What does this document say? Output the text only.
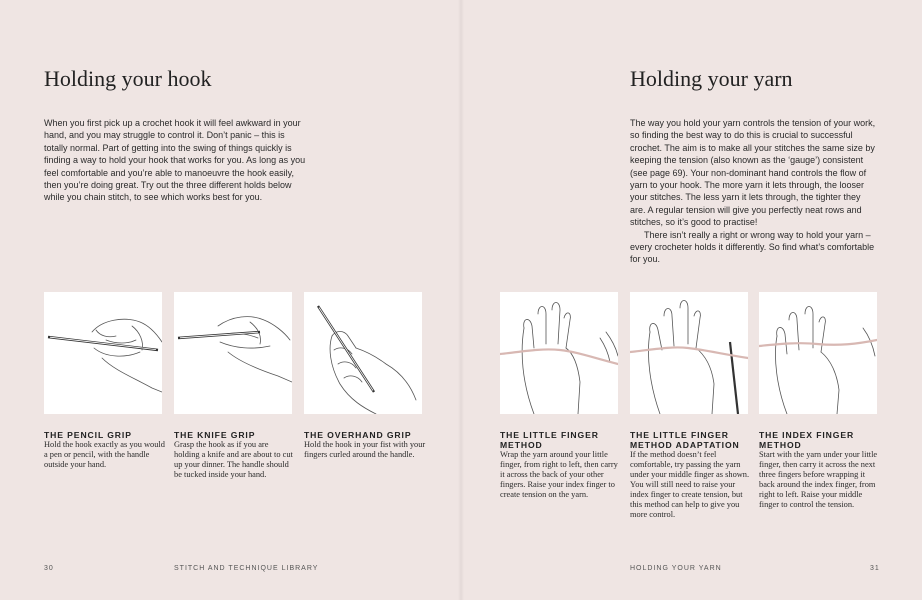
Holding your hook

When you first pick up a crochet hook it will feel awkward in your hand, and you may struggle to control it. Don’t panic – this is totally normal. Part of getting into the swing of things quickly is finding a way to hold your hook that works for you. As long as you feel comfortable and you’re able to manoeuvre the hook easily, then you’re doing great. Try out the three different holds below while you chain stitch, to see which works best for you.

THE PENCIL GRIP
Hold the hook exactly as you would a pen or pencil, with the handle outside your hand.
THE KNIFE GRIP
Grasp the hook as if you are holding a knife and are about to cut up your dinner. The handle should be tucked inside your hand.
THE OVERHAND GRIP
Hold the hook in your fist with your fingers curled around the handle.
30	STITCH AND TECHNIQUE LIBRARY
Holding your yarn

The way you hold your yarn controls the tension of your work, so finding the best way to do this is crucial to successful crochet. The aim is to make all your stitches the same size by keeping the tension (also known as the ‘gauge’) consistent (see page 69). Your non-dominant hand controls the flow of yarn to your hook. The more yarn it lets through, the looser your stitches. The less yarn it lets through, the tighter they are. A regular tension will give you perfectly neat rows and stitches, so it’s good to practise!

There isn’t really a right or wrong way to hold your yarn – every crocheter holds it differently. So find what’s comfortable for you.

THE LITTLE FINGER
METHOD
Wrap the yarn around your little finger, from right to left, then carry it across the back of your other fingers. Raise your index finger to create tension on the yarn.
THE LITTLE FINGER
METHOD ADAPTATION
If the method doesn’t feel comfortable, try passing the yarn under your middle finger as shown. You will still need to raise your index finger to create tension, but this method can help to give you more control.
THE INDEX FINGER
METHOD
Start with the yarn under your little finger, then carry it across the next three fingers before wrapping it back around the index finger, from right to left. Raise your middle finger to control the tension.
HOLDING YOUR YARN	31
